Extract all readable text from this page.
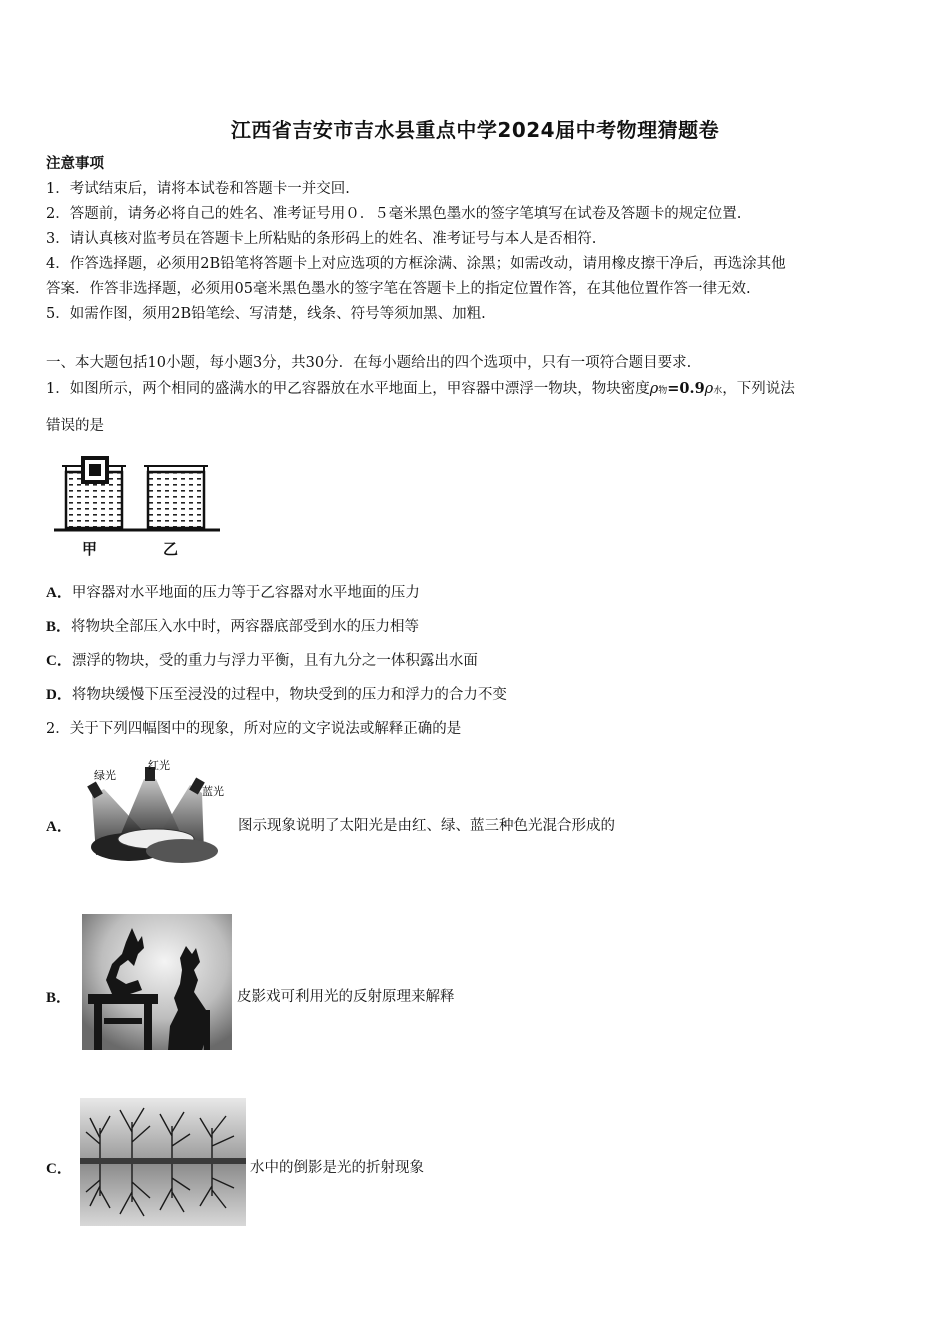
江西省吉安市吉水县重点中学2024届中考物理猜题卷
注意事项
1．考试结束后，请将本试卷和答题卡一并交回.
2．答题前，请务必将自己的姓名、准考证号用０．５毫米黑色墨水的签字笔填写在试卷及答题卡的规定位置.
3．请认真核对监考员在答题卡上所粘贴的条形码上的姓名、准考证号与本人是否相符.
4．作答选择题，必须用2B铅笔将答题卡上对应选项的方框涂满、涂黑；如需改动，请用橡皮擦干净后，再选涂其他
答案．作答非选择题，必须用05毫米黑色墨水的签字笔在答题卡上的指定位置作答，在其他位置作答一律无效.
5．如需作图，须用2B铅笔绘、写清楚，线条、符号等须加黑、加粗.
一、本大题包括10小题，每小题3分，共30分．在每小题给出的四个选项中，只有一项符合题目要求.
1．如图所示，两个相同的盛满水的甲乙容器放在水平地面上，甲容器中漂浮一物块，物块密度ρ物=0.9ρ水，下列说法
错误的是
甲	乙
A．甲容器对水平地面的压力等于乙容器对水平地面的压力
B．将物块全部压入水中时，两容器底部受到水的压力相等
C．漂浮的物块，受的重力与浮力平衡，且有九分之一体积露出水面
D．将物块缓慢下压至浸没的过程中，物块受到的压力和浮力的合力不变
2．关于下列四幅图中的现象，所对应的文字说法或解释正确的是
A．
绿光
红光
蓝光
图示现象说明了太阳光是由红、绿、蓝三种色光混合形成的
B．	皮影戏可利用光的反射原理来解释
C．	水中的倒影是光的折射现象
